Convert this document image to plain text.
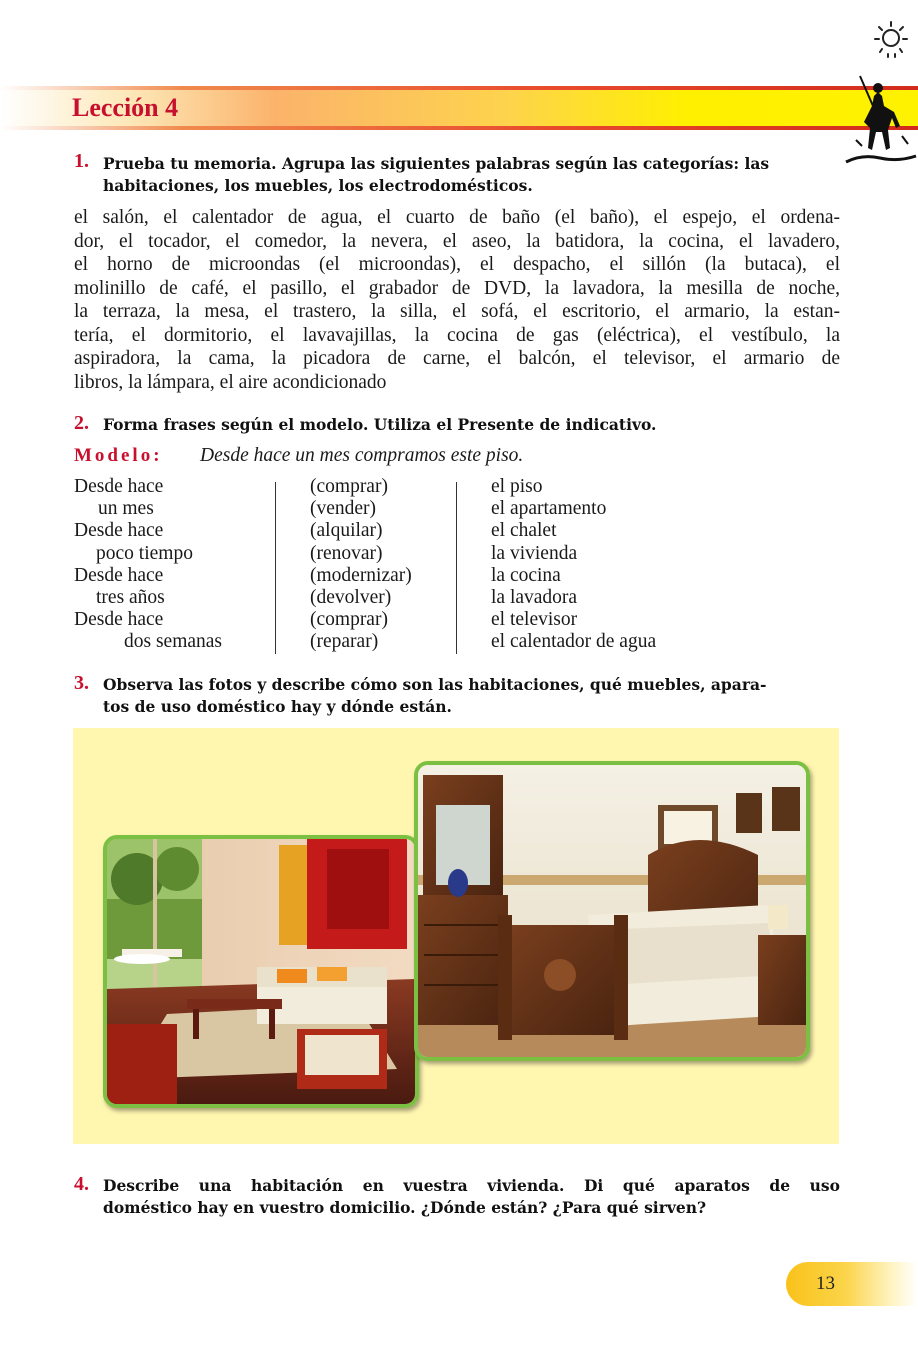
Lección 4
1. Prueba tu memoria. Agrupa las siguientes palabras según las categorías: las
habitaciones, los muebles, los electrodomésticos.
el salón, el calentador de agua, el cuarto de baño (el baño), el espejo, el ordena-
dor, el tocador, el comedor, la nevera, el aseo, la batidora, la cocina, el lavadero,
el horno de microondas (el microondas), el despacho, el sillón (la butaca), el
molinillo de café, el pasillo, el grabador de DVD, la lavadora, la mesilla de noche,
la terraza, la mesa, el trastero, la silla, el sofá, el escritorio, el armario, la estan-
tería, el dormitorio, el lavavajillas, la cocina de gas (eléctrica), el vestíbulo, la
aspiradora, la cama, la picadora de carne, el balcón, el televisor, el armario de
libros, la lámpara, el aire acondicionado
2. Forma frases según el modelo. Utiliza el Presente de indicativo.
Modelo: Desde hace un mes compramos este piso.
Desde hace
un mes
Desde hace
poco tiempo
Desde hace
tres años
Desde hace
dos semanas
(comprar)
(vender)
(alquilar)
(renovar)
(modernizar)
(devolver)
(comprar)
(reparar)
el piso
el apartamento
el chalet
la vivienda
la cocina
la lavadora
el televisor
el calentador de agua
3. Observa las fotos y describe cómo son las habitaciones, qué muebles, apara-
tos de uso doméstico hay y dónde están.
4. Describe una habitación en vuestra vivienda. Di qué aparatos de uso
doméstico hay en vuestro domicilio. ¿Dónde están? ¿Para qué sirven?
13
